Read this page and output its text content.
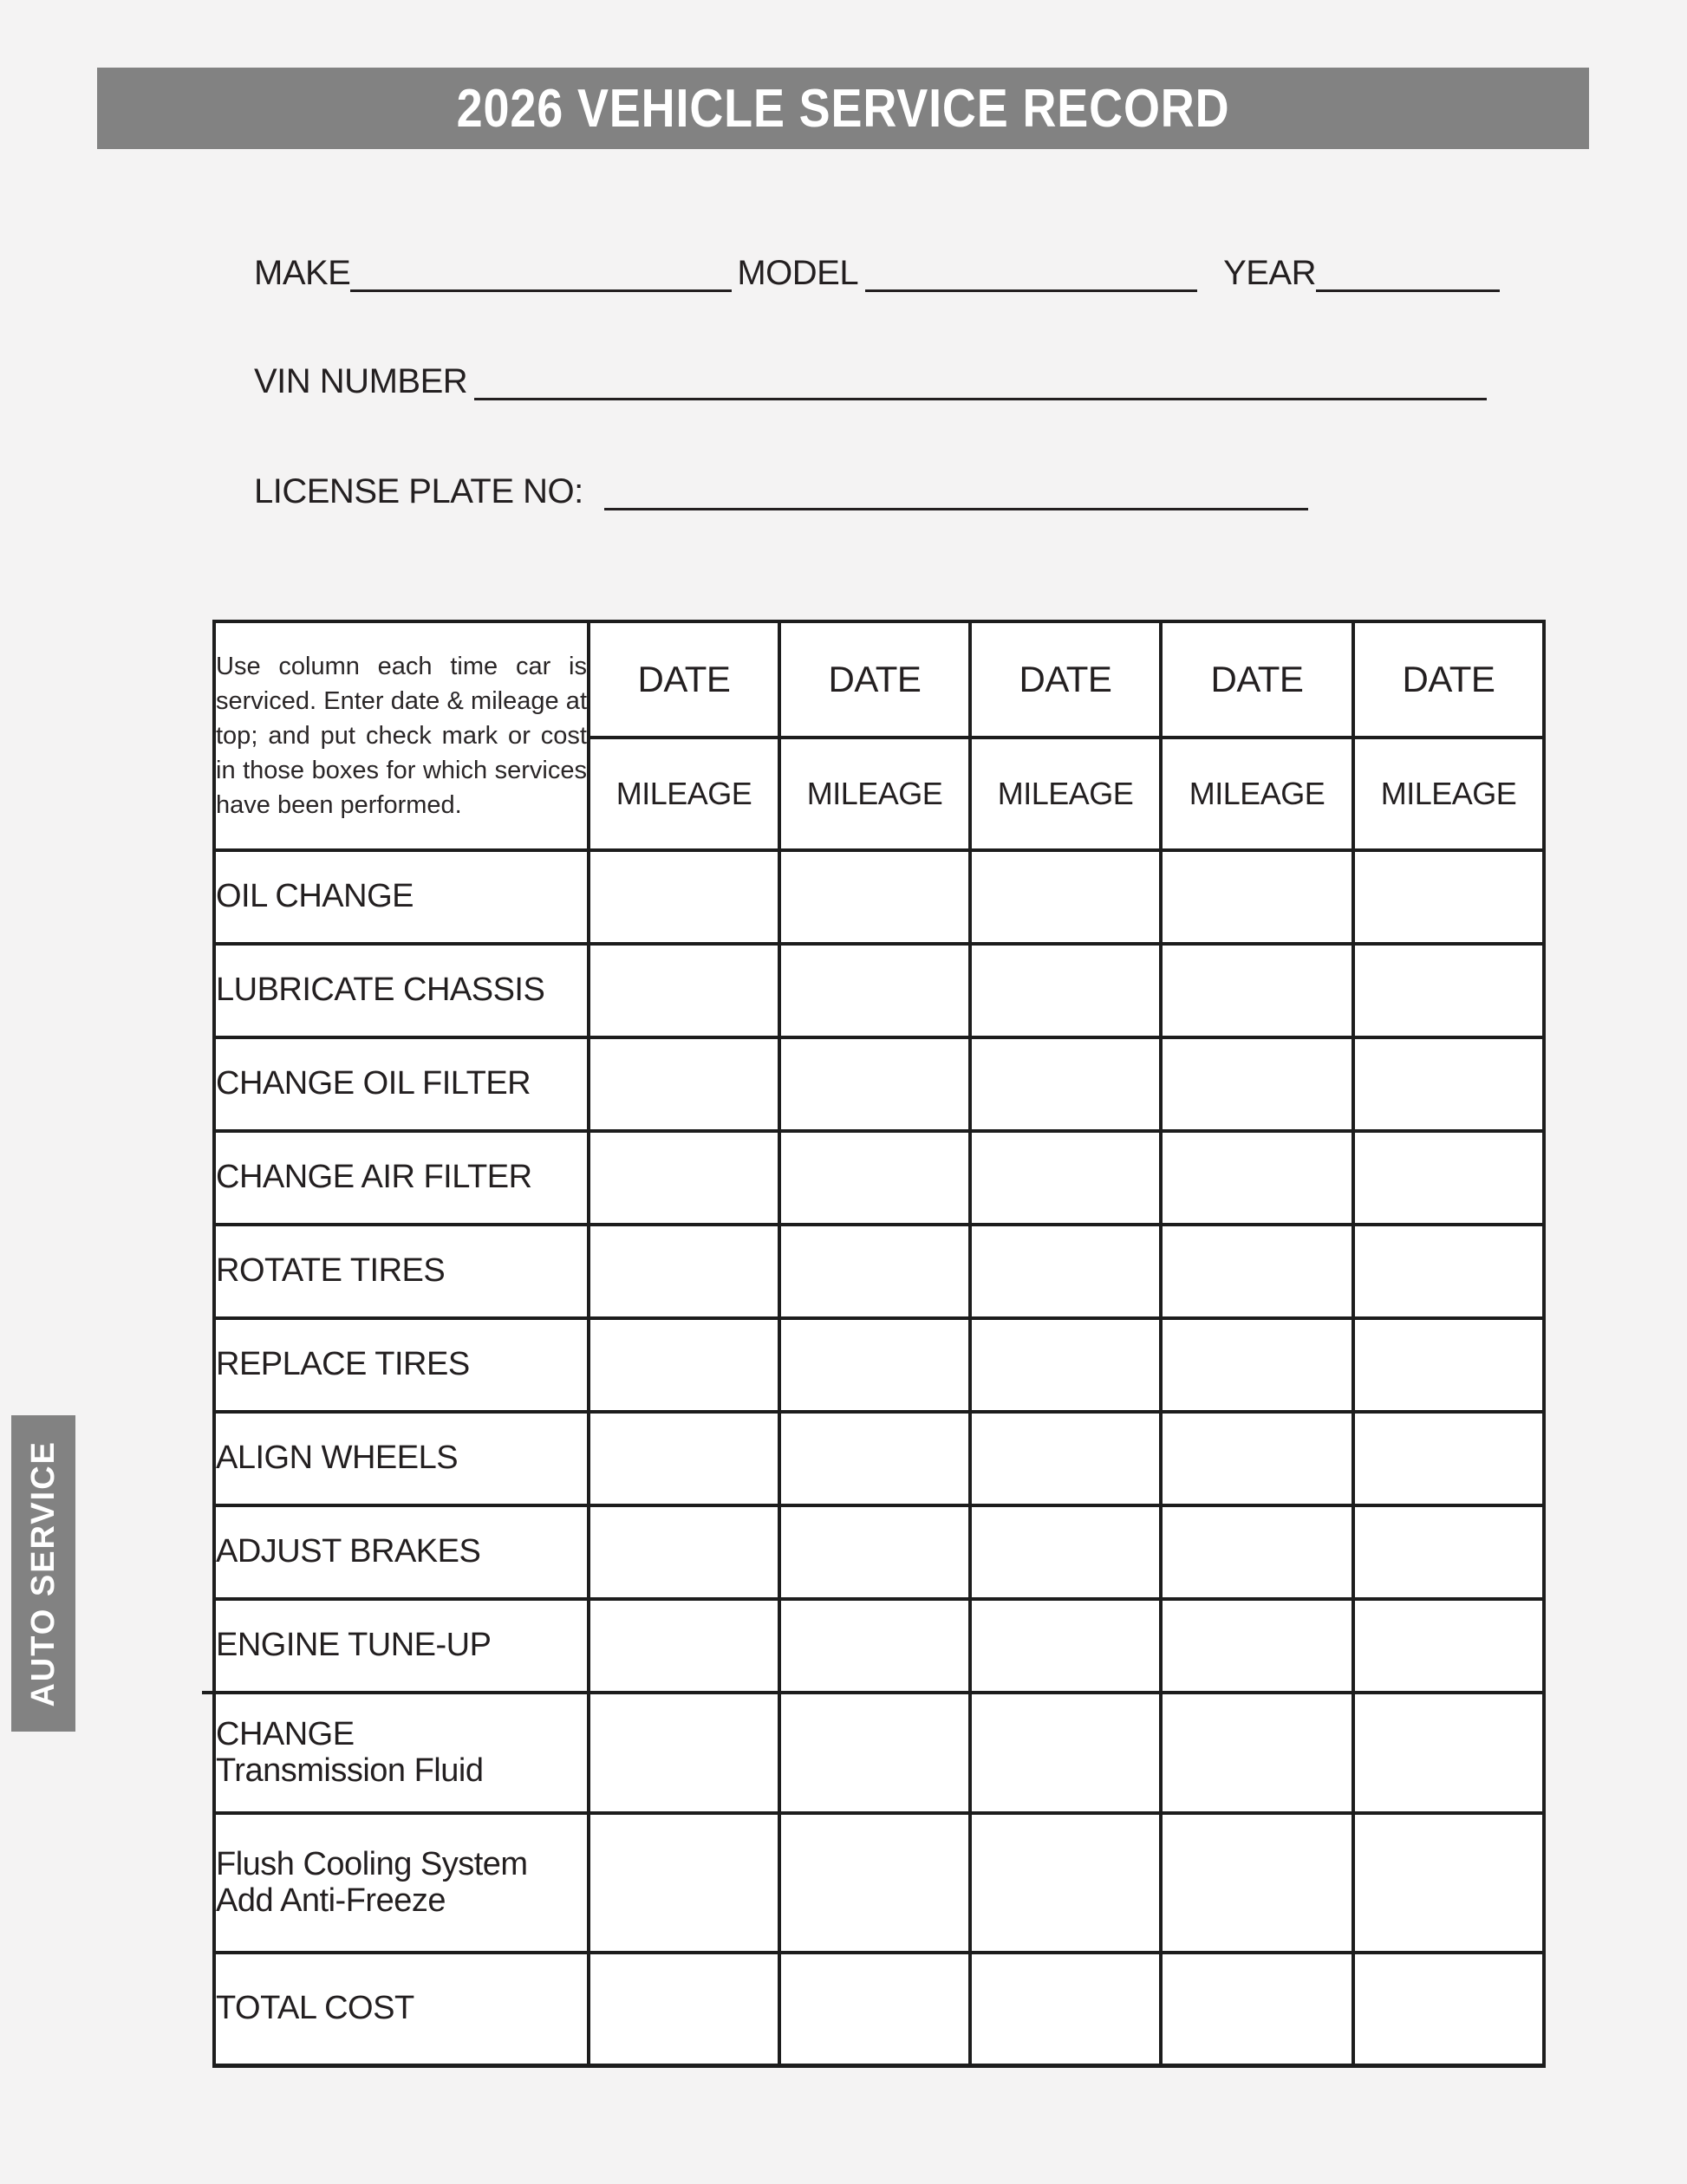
2026 VEHICLE SERVICE RECORD
MAKE	MODEL	YEAR
VIN NUMBER
LICENSE PLATE NO:
Use column each time car is serviced. Enter date & mileage at top; and put check mark or cost in those boxes for which services have been performed.	DATE	DATE	DATE	DATE	DATE
	MILEAGE	MILEAGE	MILEAGE	MILEAGE	MILEAGE

OIL CHANGE					

LUBRICATE CHASSIS					

CHANGE OIL FILTER					

CHANGE AIR FILTER					

ROTATE TIRES					

REPLACE TIRES					

ALIGN WHEELS					

ADJUST BRAKES					

ENGINE TUNE-UP					

CHANGE
Transmission Fluid					

Flush Cooling System
Add Anti-Freeze					

TOTAL COST					

AUTO SERVICE
